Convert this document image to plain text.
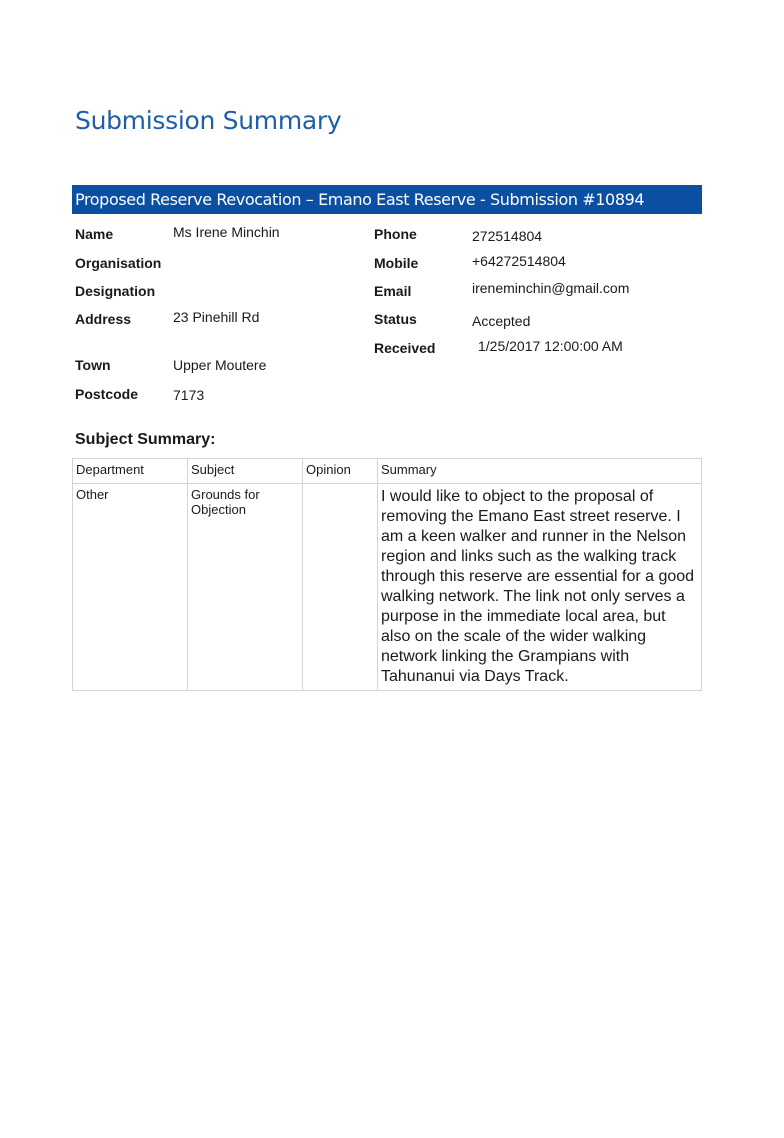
Submission Summary
Proposed Reserve Revocation – Emano East Reserve - Submission #10894
Name	Ms Irene Minchin
Organisation
Designation
Address	23 Pinehill Rd
Town	Upper Moutere
Postcode 7173
Phone	272514804
Mobile	+64272514804
Email	ireneminchin@gmail.com
Status	Accepted
Received	1/25/2017 12:00:00 AM
Subject Summary:
Department	Subject	Opinion	Summary
Other	Grounds for Objection		I would like to object to the proposal of removing the Emano East street reserve. I am a keen walker and runner in the Nelson region and links such as the walking track through this reserve are essential for a good walking network. The link not only serves a purpose in the immediate local area, but also on the scale of the wider walking network linking the Grampians with Tahunanui via Days Track.
